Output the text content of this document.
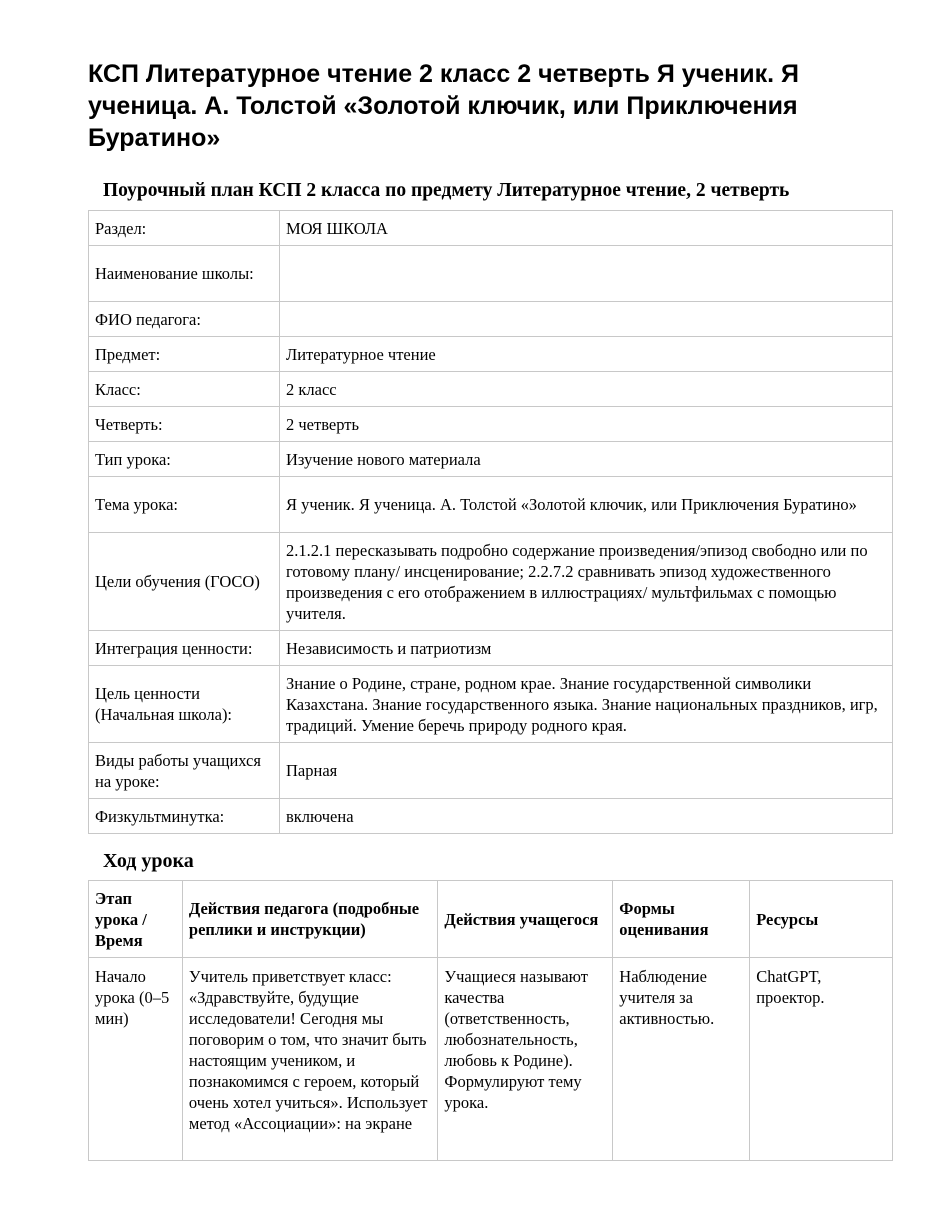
КСП Литературное чтение 2 класс 2 четверть Я ученик. Я ученица. А. Толстой «Золотой ключик, или Приключения Буратино»

Поурочный план КСП 2 класса по предмету Литературное чтение, 2 четверть

Раздел:	МОЯ ШКОЛА
Наименование школы:	
ФИО педагога:	
Предмет:	Литературное чтение
Класс:	2 класс
Четверть:	2 четверть
Тип урока:	Изучение нового материала
Тема урока:	Я ученик. Я ученица. А. Толстой «Золотой ключик, или Приключения Буратино»
Цели обучения (ГОСО)	2.1.2.1 пересказывать подробно содержание произведения/эпизод свободно или по готовому плану/ инсценирование; 2.2.7.2 сравнивать эпизод художественного произведения с его отображением в иллюстрациях/ мультфильмах с помощью учителя.
Интеграция ценности:	Независимость и патриотизм
Цель ценности (Начальная школа):	Знание о Родине, стране, родном крае. Знание государственной символики Казахстана. Знание государственного языка. Знание национальных праздников, игр, традиций. Умение беречь природу родного края.
Виды работы учащихся на уроке:	Парная
Физкультминутка:	включена

Ход урока

Этап урока / Время	Действия педагога (подробные реплики и инструкции)	Действия учащегося	Формы оценивания	Ресурсы
Начало урока (0–5 мин)	Учитель приветствует класс: «Здравствуйте, будущие исследователи! Сегодня мы поговорим о том, что значит быть настоящим учеником, и познакомимся с героем, который очень хотел учиться». Использует метод «Ассоциации»: на экране	Учащиеся называют качества (ответственность, любознательность, любовь к Родине). Формулируют тему урока.	Наблюдение учителя за активностью.	ChatGPT, проектор.
